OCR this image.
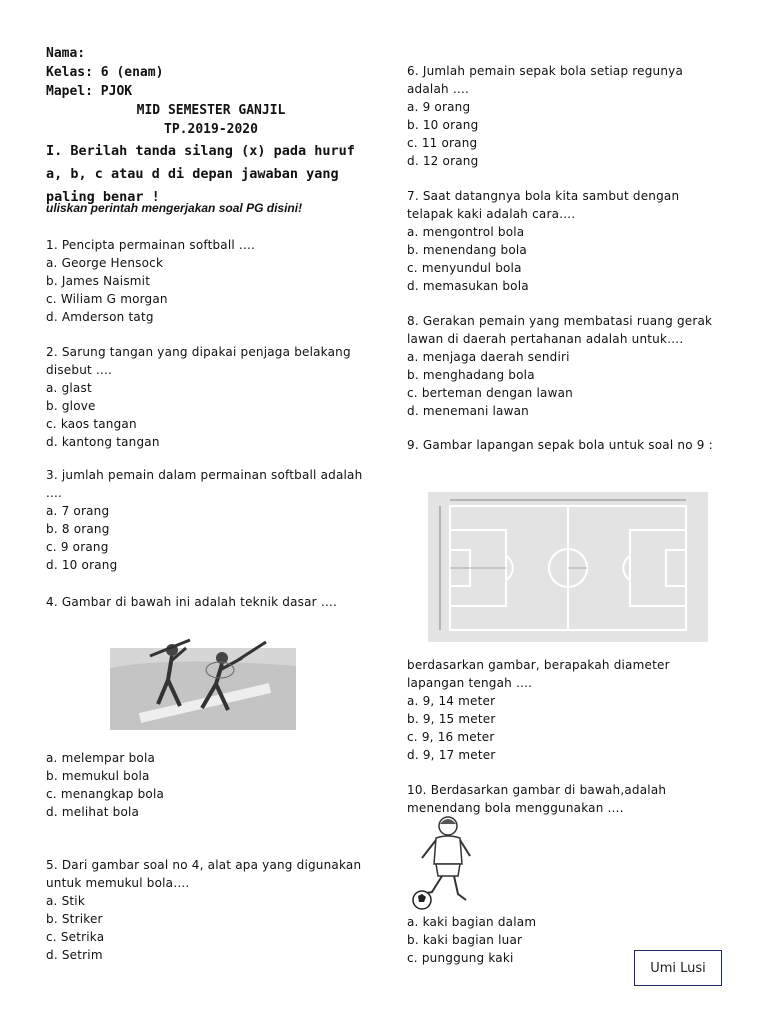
Nama:
Kelas: 6 (enam)
Mapel: PJOK
MID SEMESTER GANJIL
TP.2019-2020
I. Berilah tanda silang (x) pada huruf a, b, c atau d di depan jawaban yang paling benar !
uliskan perintah mengerjakan soal PG disini!

1. Pencipta permainan softball ....

a. George Hensock

b. James Naismit

c. Wiliam G morgan

d. Amderson tatg

2. Sarung tangan yang dipakai penjaga belakang disebut ....

a. glast

b. glove

c. kaos tangan

d. kantong tangan

3. jumlah pemain dalam permainan softball adalah ....

a. 7 orang

b. 8 orang

c. 9 orang

d. 10 orang

4. Gambar di bawah ini adalah teknik dasar ….

a. melempar bola

b. memukul bola

c. menangkap bola

d. melihat bola

5. Dari gambar soal no 4, alat apa yang digunakan untuk memukul bola….

a. Stik

b. Striker

c. Setrika

d. Setrim

6. Jumlah pemain sepak bola setiap regunya adalah ….

a. 9 orang

b. 10 orang

c. 11 orang

d. 12 orang

7. Saat datangnya bola kita sambut dengan telapak kaki adalah cara….

a. mengontrol bola

b. menendang bola

c. menyundul bola

d. memasukan bola

8. Gerakan pemain yang membatasi ruang gerak lawan di daerah pertahanan adalah untuk….

a. menjaga daerah sendiri

b. menghadang bola

c. berteman dengan lawan

d. menemani lawan

9. Gambar lapangan sepak bola untuk soal no 9 :

berdasarkan gambar, berapakah diameter lapangan tengah ….

a. 9, 14 meter

b. 9, 15 meter

c. 9, 16 meter

d. 9, 17 meter

10. Berdasarkan gambar di bawah,adalah menendang bola menggunakan ….

a. kaki bagian dalam

b. kaki bagian luar

c. punggung kaki

Umi Lusi
